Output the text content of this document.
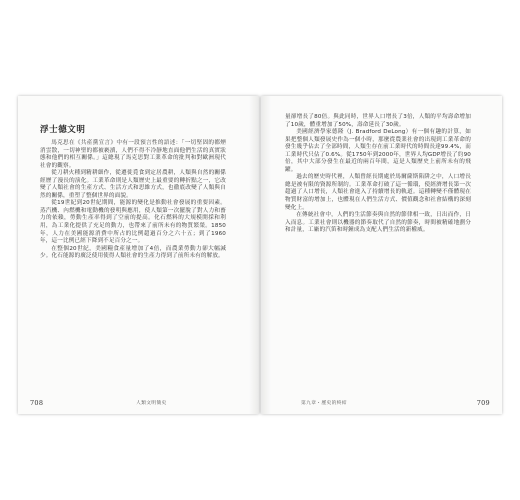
浮士德文明

馬克思在《共產黨宣言》中有一段預言性的語述：「一切堅固的都煙消雲散，一切神聖的都被褻瀆，人們不得不冷靜地直面他們生活的真實狀態和他們的相互關係。」這總現了馬克思對工業革命的批判和對歐洲現代社會的觀察。

從刀耕火種到精耕細作，從遷徙覓食到定居農耕，人類與自然的關係經歷了漫長的演化。工業革命則是人類歷史上最重要的轉折點之一，它改變了人類社會的生產方式、生活方式和思維方式，也徹底改變了人類與自然的關係，重塑了整個世界的面貌。

從19世紀到20世紀期間，能源的變化是推動社會發展的重要因素。蒸汽機、內燃機和電動機的發明與應用，使人類第一次擺脫了對人力和畜力的依賴，勞動生產率得到了空前的提高。化石燃料的大規模開採和利用，為工業化提供了充足的動力，也帶來了前所未有的物質繁榮。1850年，人力在美國能源消費中所占的比例超過百分之六十五；到了1960年，這一比例已經下降到不足百分之一。

在整個20世紀，美國糧食產量增加了4倍，而農業勞動力卻大幅減少。化石能源的廣泛使用使得人類社會的生產力得到了前所未有的解放。

708	人類文明簡史

量卻增長了80倍。與此同時，世界人口增長了3倍，人類的平均壽命增加了10歲，體重增加了50%，壽命延長了30歲。

美國經濟學家德隆（J. Bradford DeLong）有一個有趣的計算，如果把整個人類發展史作為一個小時，那麼從農業社會的出現到工業革命的發生幾乎佔去了全部時間，人類生存在前工業時代的時間長達99.4%，而工業時代只佔了0.6%。從1750年到2000年，世界人均GDP增長了約90倍，其中大部分發生在最近的兩百年間，這是人類歷史上前所未有的飛躍。

過去的歷史時代裡，人類曾經長期處於馬爾薩斯陷阱之中，人口增長總是被有限的資源所制約。工業革命打破了這一循環，使經濟增長第一次超過了人口增長，人類社會進入了持續增長的軌道。這種轉變不僅體現在物質財富的增加上，也體現在人們生活方式、價值觀念和社會結構的深刻變化上。

在傳統社會中，人們的生活節奏與自然的節律相一致，日出而作，日入而息。工業社會則以機器的節奏取代了自然的節奏，時間被精確地劃分和計量，工廠的汽笛和時鐘成為支配人們生活的新權威。

第九章・歷史的終結	709
